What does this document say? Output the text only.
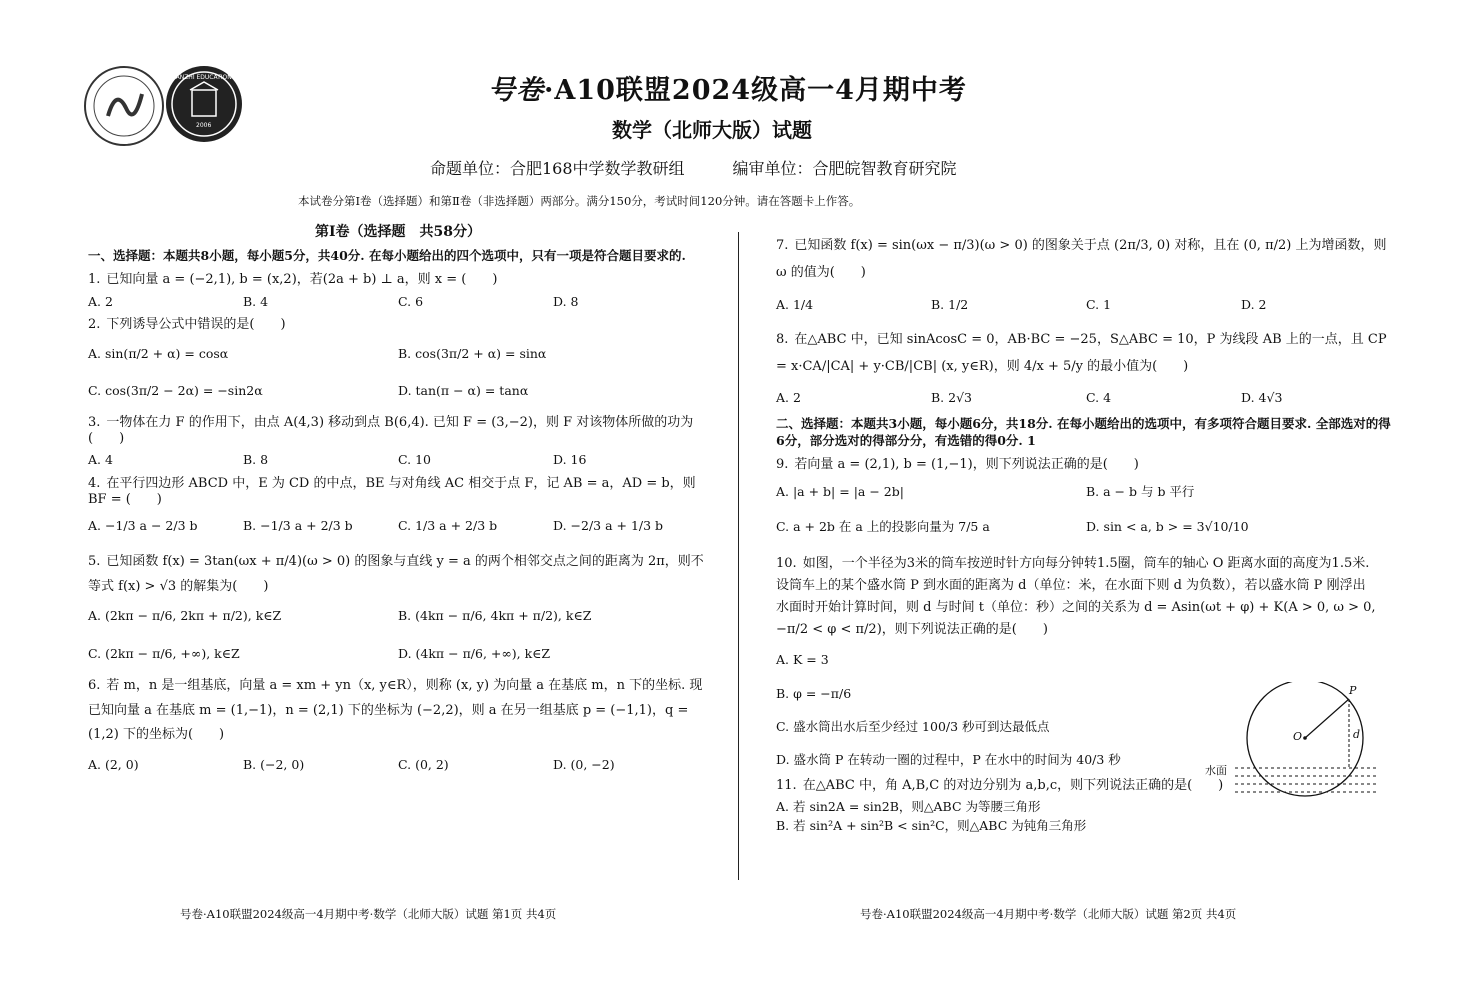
WANZHI EDUCATION
2006
号卷·A10联盟2024级高一4月期中考
数学（北师大版）试题
命题单位：合肥168中学数学教研组	编审单位：合肥皖智教育研究院
本试卷分第Ⅰ卷（选择题）和第Ⅱ卷（非选择题）两部分。满分150分，考试时间120分钟。请在答题卡上作答。
第Ⅰ卷（选择题　共58分）
一、选择题：本题共8小题，每小题5分，共40分. 在每小题给出的四个选项中，只有一项是符合题目要求的.
1. 已知向量 a = (−2,1), b = (x,2)，若(2a + b) ⊥ a，则 x = (　　)
A. 2	B. 4	C. 6	D. 8
2. 下列诱导公式中错误的是(　　)
A. sin(π/2 + α) = cosα	B. cos(3π/2 + α) = sinα
C. cos(3π/2 − 2α) = −sin2α	D. tan(π − α) = tanα
3. 一物体在力 F 的作用下，由点 A(4,3) 移动到点 B(6,4). 已知 F = (3,−2)，则 F 对该物体所做的功为(　　)
A. 4	B. 8	C. 10	D. 16
4. 在平行四边形 ABCD 中，E 为 CD 的中点，BE 与对角线 AC 相交于点 F，记 AB = a，AD = b，则 BF = (　　)
A. −1/3 a − 2/3 b	B. −1/3 a + 2/3 b	C. 1/3 a + 2/3 b	D. −2/3 a + 1/3 b
5. 已知函数 f(x) = 3tan(ωx + π/4)(ω > 0) 的图象与直线 y = a 的两个相邻交点之间的距离为 2π，则不等式 f(x) > √3 的解集为(　　)
A. (2kπ − π/6, 2kπ + π/2), k∈Z	B. (4kπ − π/6, 4kπ + π/2), k∈Z
C. (2kπ − π/6, +∞), k∈Z	D. (4kπ − π/6, +∞), k∈Z
6. 若 m，n 是一组基底，向量 a = xm + yn（x, y∈R），则称 (x, y) 为向量 a 在基底 m，n 下的坐标. 现已知向量 a 在基底 m = (1,−1)，n = (2,1) 下的坐标为 (−2,2)，则 a 在另一组基底 p = (−1,1)，q = (1,2) 下的坐标为(　　)
A. (2, 0)	B. (−2, 0)	C. (0, 2)	D. (0, −2)
7. 已知函数 f(x) = sin(ωx − π/3)(ω > 0) 的图象关于点 (2π/3, 0) 对称，且在 (0, π/2) 上为增函数，则 ω 的值为(　　)
A. 1/4	B. 1/2	C. 1	D. 2
8. 在△ABC 中，已知 sinAcosC = 0，AB·BC = −25，S△ABC = 10，P 为线段 AB 上的一点，且 CP = x·CA/|CA| + y·CB/|CB| (x, y∈R)，则 4/x + 5/y 的最小值为(　　)
A. 2	B. 2√3	C. 4	D. 4√3
二、选择题：本题共3小题，每小题6分，共18分. 在每小题给出的选项中，有多项符合题目要求. 全部选对的得6分，部分选对的得部分分，有选错的得0分. 1
9. 若向量 a = (2,1), b = (1,−1)，则下列说法正确的是(　　)
A. |a + b| = |a − 2b|	B. a − b 与 b 平行
C. a + 2b 在 a 上的投影向量为 7/5 a	D. sin < a, b > = 3√10/10
10. 如图，一个半径为3米的筒车按逆时针方向每分钟转1.5圈，筒车的轴心 O 距离水面的高度为1.5米. 设筒车上的某个盛水筒 P 到水面的距离为 d（单位：米，在水面下则 d 为负数），若以盛水筒 P 刚浮出水面时开始计算时间，则 d 与时间 t（单位：秒）之间的关系为 d = Asin(ωt + φ) + K(A > 0, ω > 0, −π/2 < φ < π/2)，则下列说法正确的是(　　)
A. K = 3
B. φ = −π/6
C. 盛水筒出水后至少经过 100/3 秒可到达最低点
D. 盛水筒 P 在转动一圈的过程中，P 在水中的时间为 40/3 秒
11. 在△ABC 中，角 A,B,C 的对边分别为 a,b,c，则下列说法正确的是(　　)
A. 若 sin2A = sin2B，则△ABC 为等腰三角形
B. 若 sin²A + sin²B < sin²C，则△ABC 为钝角三角形
P
O	d
水面
号卷·A10联盟2024级高一4月期中考·数学（北师大版）试题 第1页 共4页	号卷·A10联盟2024级高一4月期中考·数学（北师大版）试题 第2页 共4页
